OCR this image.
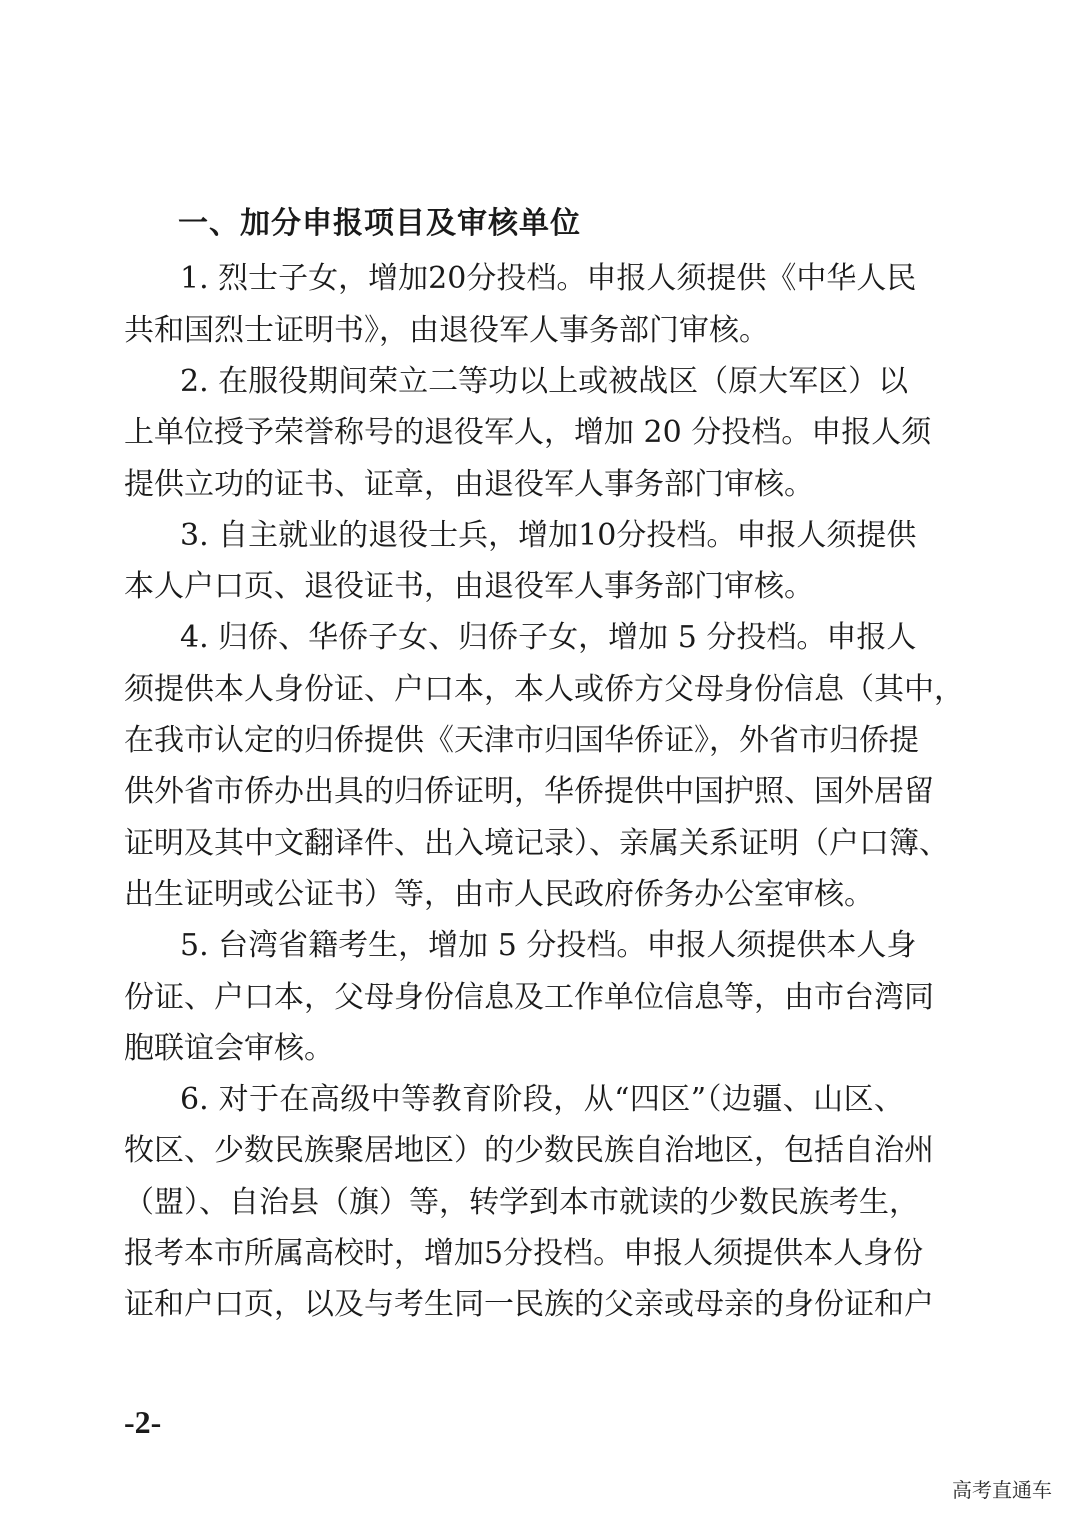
一、加分申报项目及审核单位
1. 烈士子女，增加20分投档。申报人须提供《中华人民
共和国烈士证明书》，由退役军人事务部门审核。
2. 在服役期间荣立二等功以上或被战区（原大军区）以
上单位授予荣誉称号的退役军人，增加 20 分投档。申报人须
提供立功的证书、证章，由退役军人事务部门审核。
3. 自主就业的退役士兵，增加10分投档。申报人须提供
本人户口页、退役证书，由退役军人事务部门审核。
4. 归侨、华侨子女、归侨子女，增加 5 分投档。申报人
须提供本人身份证、户口本，本人或侨方父母身份信息（其中，
在我市认定的归侨提供《天津市归国华侨证》，外省市归侨提
供外省市侨办出具的归侨证明，华侨提供中国护照、国外居留
证明及其中文翻译件、出入境记录）、亲属关系证明（户口簿、
出生证明或公证书）等，由市人民政府侨务办公室审核。
5. 台湾省籍考生，增加 5 分投档。申报人须提供本人身
份证、户口本，父母身份信息及工作单位信息等，由市台湾同
胞联谊会审核。
6. 对于在高级中等教育阶段，从“四区”（边疆、山区、
牧区、少数民族聚居地区）的少数民族自治地区，包括自治州
（盟）、自治县（旗）等，转学到本市就读的少数民族考生，
报考本市所属高校时，增加5分投档。申报人须提供本人身份
证和户口页，以及与考生同一民族的父亲或母亲的身份证和户
-2-
高考直通车
